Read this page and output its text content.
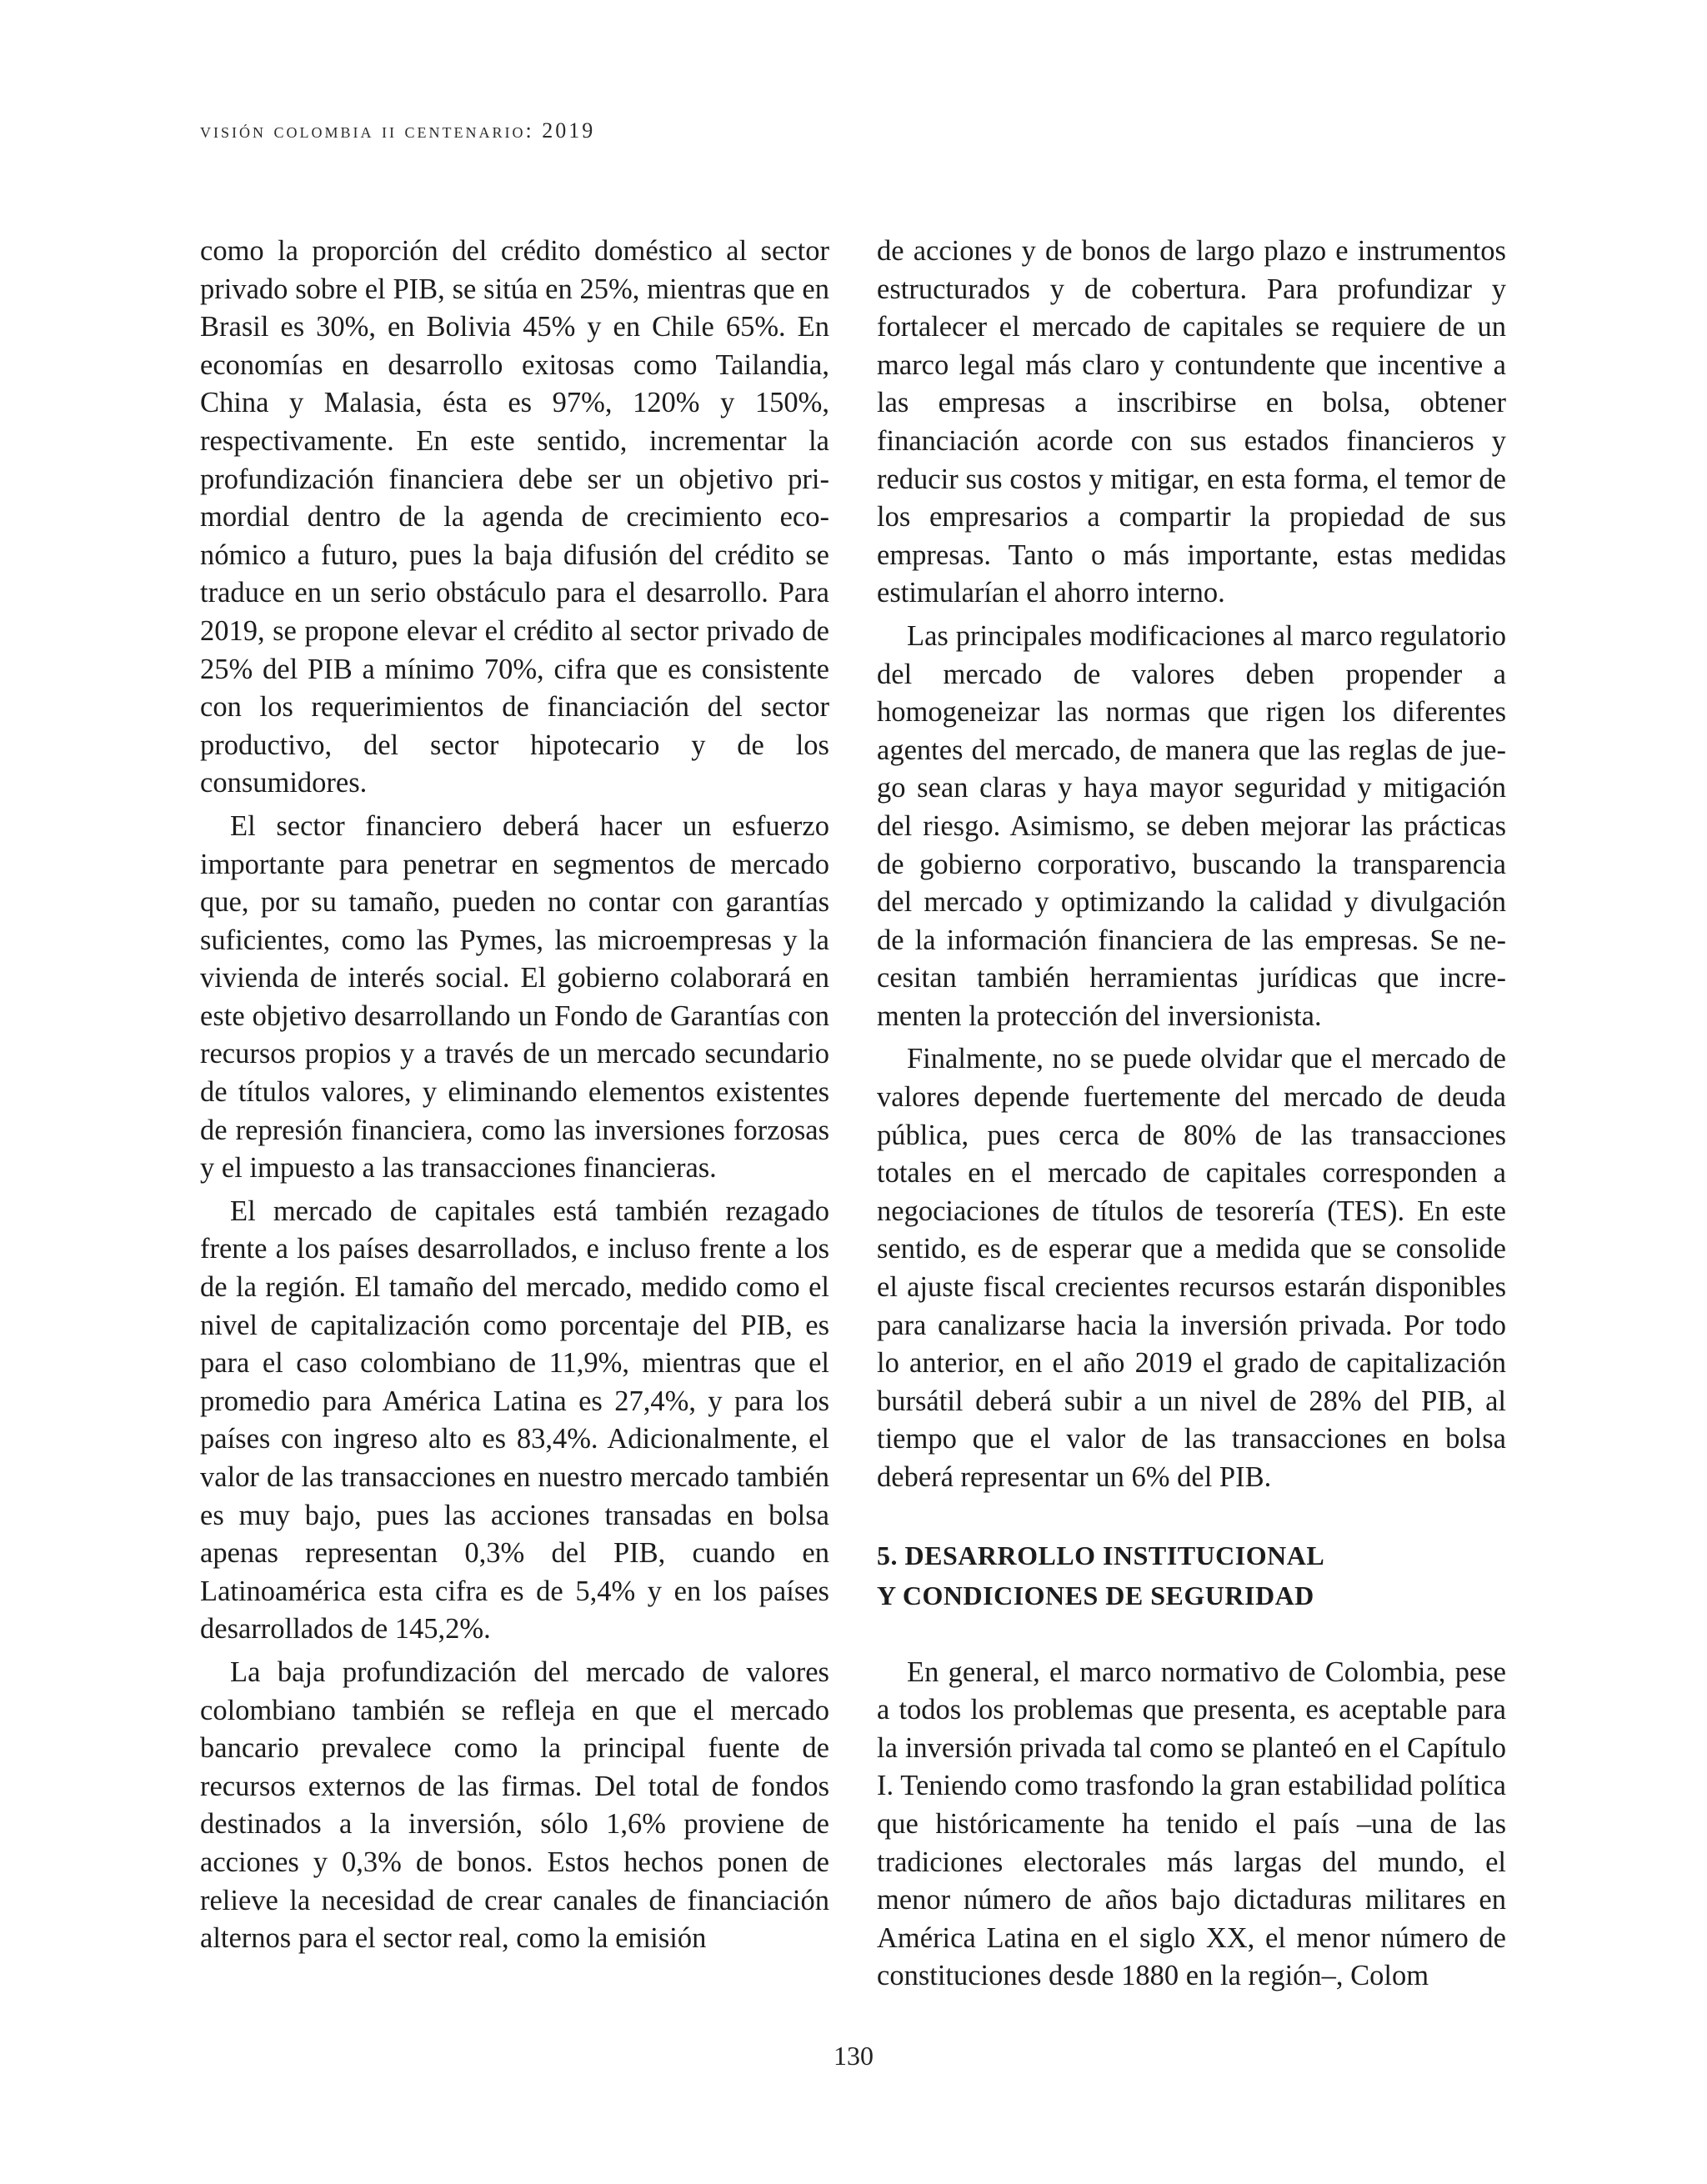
visión colombia ii centenario: 2019

como la proporción del crédito doméstico al sector privado sobre el PIB, se sitúa en 25%, mientras que en Brasil es 30%, en Bolivia 45% y en Chile 65%. En economías en desarrollo exitosas como Tailandia, China y Malasia, ésta es 97%, 120% y 150%, respectivamente. En este sentido, incrementar la profundización financiera debe ser un objetivo primordial dentro de la agenda de crecimiento económico a futuro, pues la baja difusión del crédito se traduce en un serio obstáculo para el desarrollo. Para 2019, se propone elevar el crédito al sector privado de 25% del PIB a mínimo 70%, cifra que es consistente con los requerimientos de financiación del sector productivo, del sector hipotecario y de los consumidores.

El sector financiero deberá hacer un esfuerzo importante para penetrar en segmentos de mercado que, por su tamaño, pueden no contar con garantías suficientes, como las Pymes, las microempresas y la vivienda de interés social. El gobierno colaborará en este objetivo desarrollando un Fondo de Garantías con recursos propios y a través de un mercado secundario de títulos valores, y eliminando elementos existentes de represión financiera, como las inversiones forzosas y el impuesto a las transacciones financieras.

El mercado de capitales está también rezagado frente a los países desarrollados, e incluso frente a los de la región. El tamaño del mercado, medido como el nivel de capitalización como porcentaje del PIB, es para el caso colombiano de 11,9%, mientras que el promedio para América Latina es 27,4%, y para los países con ingreso alto es 83,4%. Adicionalmente, el valor de las transacciones en nuestro mercado también es muy bajo, pues las acciones transadas en bolsa apenas representan 0,3% del PIB, cuando en Latinoamérica esta cifra es de 5,4% y en los países desarrollados de 145,2%.

La baja profundización del mercado de valores colombiano también se refleja en que el mercado bancario prevalece como la principal fuente de recursos externos de las firmas. Del total de fondos destinados a la inversión, sólo 1,6% proviene de acciones y 0,3% de bonos. Estos hechos ponen de relieve la necesidad de crear canales de financiación alternos para el sector real, como la emisión

de acciones y de bonos de largo plazo e instrumentos estructurados y de cobertura. Para profundizar y fortalecer el mercado de capitales se requiere de un marco legal más claro y contundente que incentive a las empresas a inscribirse en bolsa, obtener financiación acorde con sus estados financieros y reducir sus costos y mitigar, en esta forma, el temor de los empresarios a compartir la propiedad de sus empresas. Tanto o más importante, estas medidas estimularían el ahorro interno.

Las principales modificaciones al marco regulatorio del mercado de valores deben propender a homogeneizar las normas que rigen los diferentes agentes del mercado, de manera que las reglas de juego sean claras y haya mayor seguridad y mitigación del riesgo. Asimismo, se deben mejorar las prácticas de gobierno corporativo, buscando la transparencia del mercado y optimizando la calidad y divulgación de la información financiera de las empresas. Se necesitan también herramientas jurídicas que incrementen la protección del inversionista.

Finalmente, no se puede olvidar que el mercado de valores depende fuertemente del mercado de deuda pública, pues cerca de 80% de las transacciones totales en el mercado de capitales corresponden a negociaciones de títulos de tesorería (TES). En este sentido, es de esperar que a medida que se consolide el ajuste fiscal crecientes recursos estarán disponibles para canalizarse hacia la inversión privada. Por todo lo anterior, en el año 2019 el grado de capitalización bursátil deberá subir a un nivel de 28% del PIB, al tiempo que el valor de las transacciones en bolsa deberá representar un 6% del PIB.

5. DESARROLLO INSTITUCIONAL
Y CONDICIONES DE SEGURIDAD

En general, el marco normativo de Colombia, pese a todos los problemas que presenta, es aceptable para la inversión privada tal como se planteó en el Capítulo I. Teniendo como trasfondo la gran estabilidad política que históricamente ha tenido el país –una de las tradiciones electorales más largas del mundo, el menor número de años bajo dictaduras militares en América Latina en el siglo XX, el menor número de constituciones desde 1880 en la región–, Colom

130
